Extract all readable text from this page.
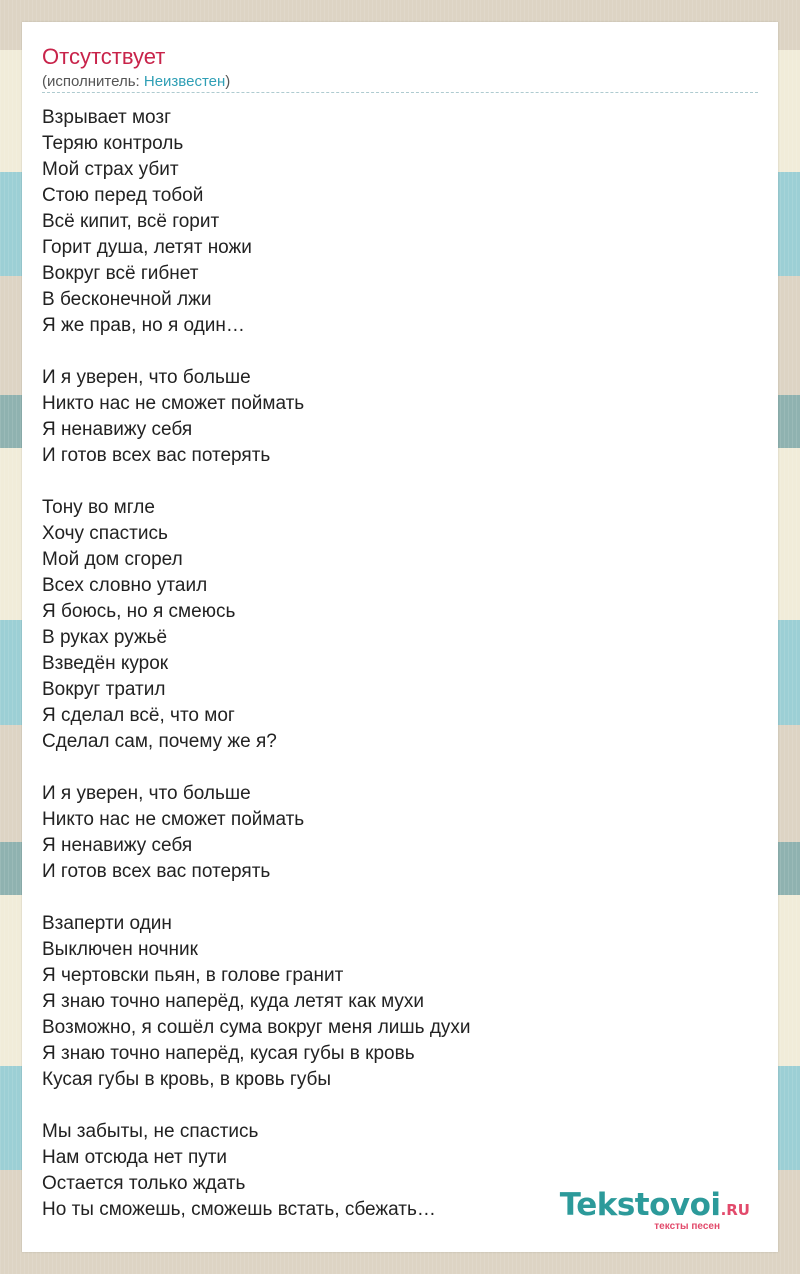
Отсутствует
(исполнитель: Неизвестен)
Взрывает мозг
Теряю контроль
Мой страх убит
Стою перед тобой
Всё кипит, всё горит
Горит душа, летят ножи
Вокруг всё гибнет
В бесконечной лжи
Я же прав, но я один…
И я уверен, что больше
Никто нас не сможет поймать
Я ненавижу себя
И готов всех вас потерять
Тону во мгле
Хочу спастись
Мой дом сгорел
Всех словно утаил
Я боюсь, но я смеюсь
В руках ружьё
Взведён курок
Вокруг тратил
Я сделал всё, что мог
Сделал сам, почему же я?
И я уверен, что больше
Никто нас не сможет поймать
Я ненавижу себя
И готов всех вас потерять
Взаперти один
Выключен ночник
Я чертовски пьян, в голове гранит
Я знаю точно наперёд, куда летят как мухи
Возможно, я сошёл сума вокруг меня лишь духи
Я знаю точно наперёд, кусая губы в кровь
Кусая губы в кровь, в кровь губы
Мы забыты, не спастись
Нам отсюда нет пути
Остается только ждать
Но ты сможешь, сможешь встать, сбежать…	Tekstovoi.RU
тексты песен
